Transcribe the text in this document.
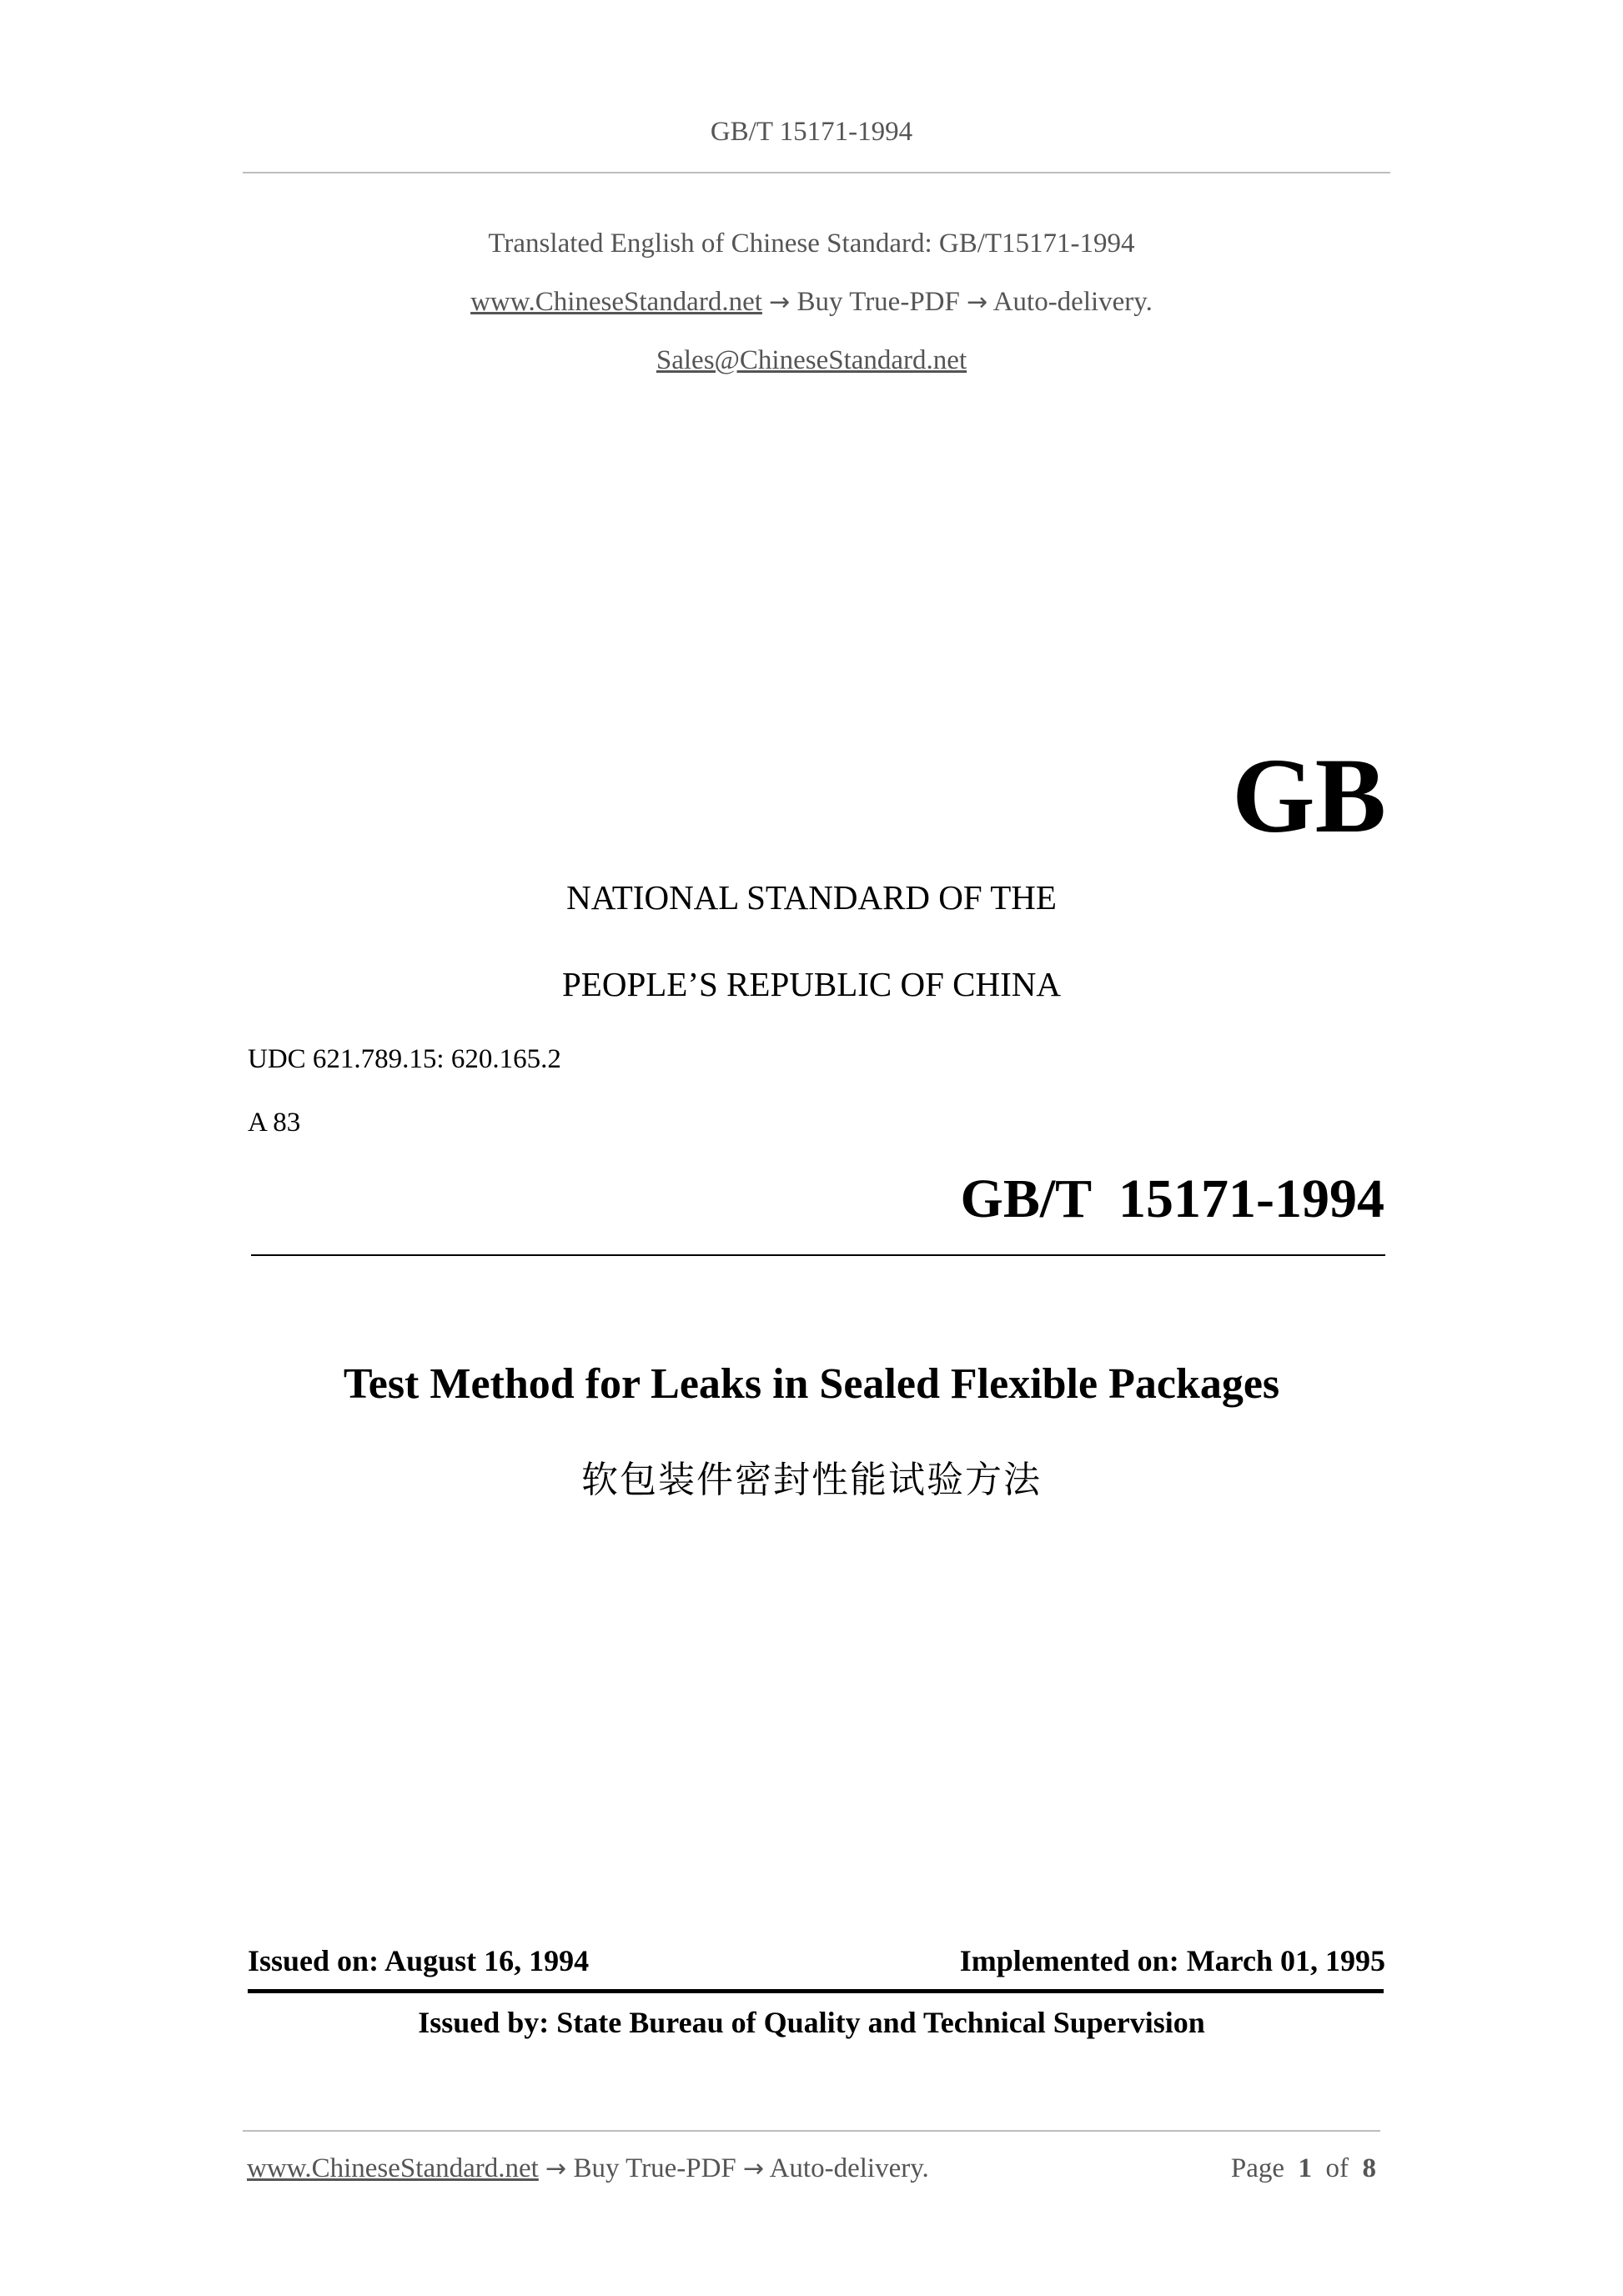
GB/T 15171-1994
Translated English of Chinese Standard: GB/T15171-1994
www.ChineseStandard.net → Buy True-PDF → Auto-delivery.
Sales@ChineseStandard.net
GB
NATIONAL STANDARD OF THE
PEOPLE’S REPUBLIC OF CHINA
UDC 621.789.15: 620.165.2
A 83
GB/T 15171-1994
Test Method for Leaks in Sealed Flexible Packages
软包装件密封性能试验方法
Issued on: August 16, 1994	Implemented on: March 01, 1995
Issued by: State Bureau of Quality and Technical Supervision
www.ChineseStandard.net → Buy True-PDF → Auto-delivery.	Page 1 of 8
